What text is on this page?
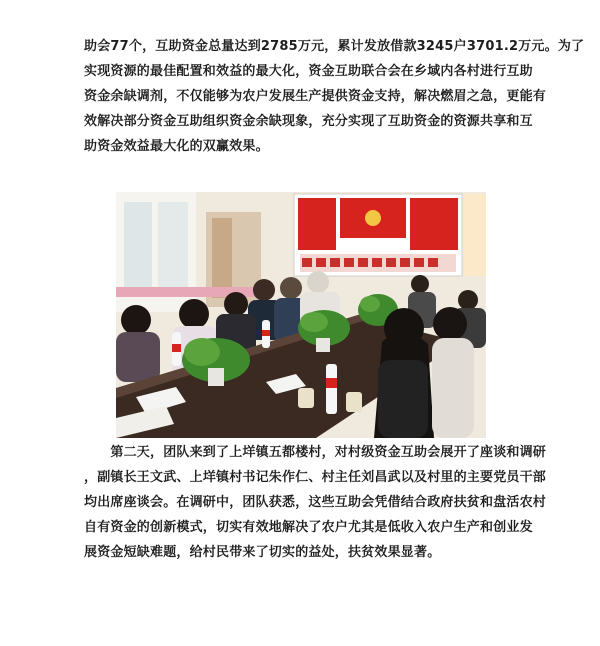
助会77个，互助资金总量达到2785万元，累计发放借款3245户3701.2万元。为了
实现资源的最佳配置和效益的最大化，资金互助联合会在乡域内各村进行互助
资金余缺调剂，不仅能够为农户发展生产提供资金支持，解决燃眉之急，更能有
效解决部分资金互助组织资金余缺现象，充分实现了互助资金的资源共享和互
助资金效益最大化的双赢效果。

　　第二天，团队来到了上垟镇五都楼村，对村级资金互助会展开了座谈和调研
，副镇长王文武、上垟镇村书记朱作仁、村主任刘昌武以及村里的主要党员干部
均出席座谈会。在调研中，团队获悉，这些互助会凭借结合政府扶贫和盘活农村
自有资金的创新模式，切实有效地解决了农户尤其是低收入农户生产和创业发
展资金短缺难题，给村民带来了切实的益处，扶贫效果显著。
